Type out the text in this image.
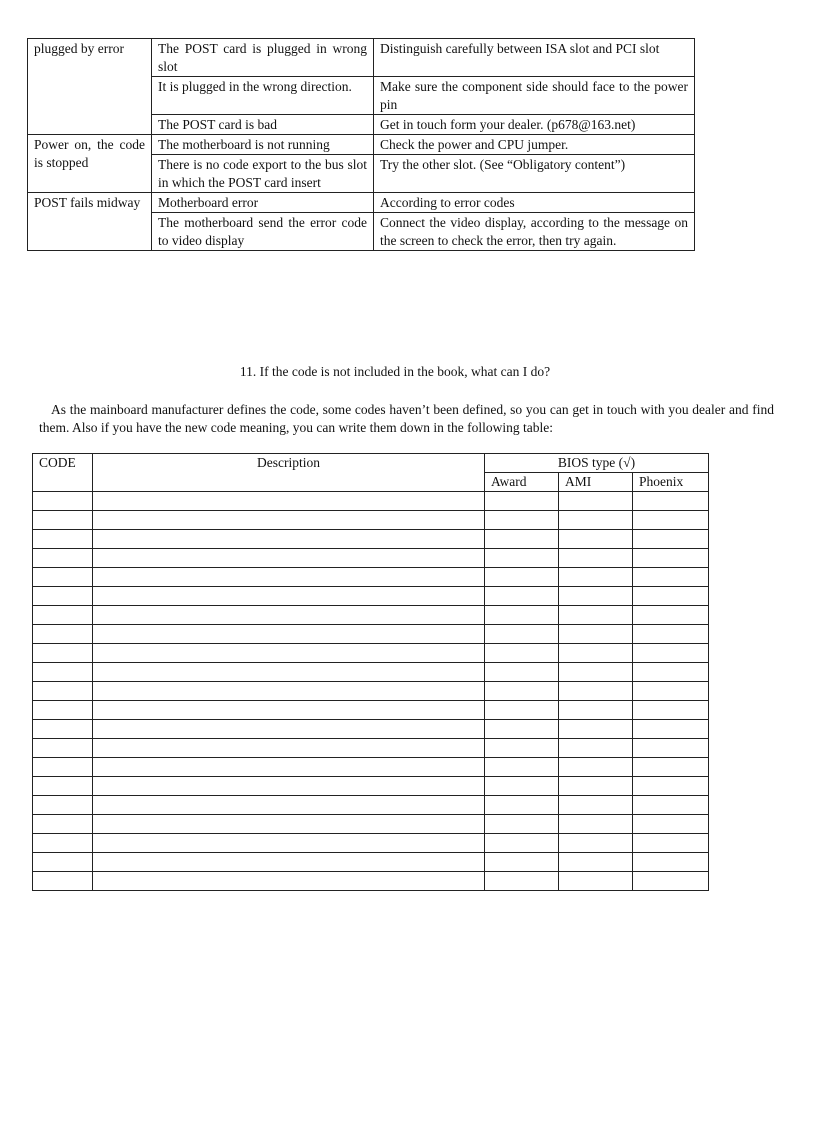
plugged by error	The POST card is plugged in wrong slot	Distinguish carefully between ISA slot and PCI slot
	It is plugged in the wrong direction.	Make sure the component side should face to the power pin
	The POST card is bad	Get in touch form your dealer. (p678@163.net)
Power on, the code is stopped	The motherboard is not running	Check the power and CPU jumper.
	There is no code export to the bus slot in which the POST card insert	Try the other slot. (See “Obligatory content”)
POST fails midway	Motherboard error	According to error codes
	The motherboard send the error code to video display	Connect the video display, according to the message on the screen to check the error, then try again.

11. If the code is not included in the book, what can I do?

As the mainboard manufacturer defines the code, some codes haven’t been defined, so you can get in touch with you dealer and find them. Also if you have the new code meaning, you can write them down in the following table:

CODE	Description	BIOS type (√)		
		Award	AMI	Phoenix
